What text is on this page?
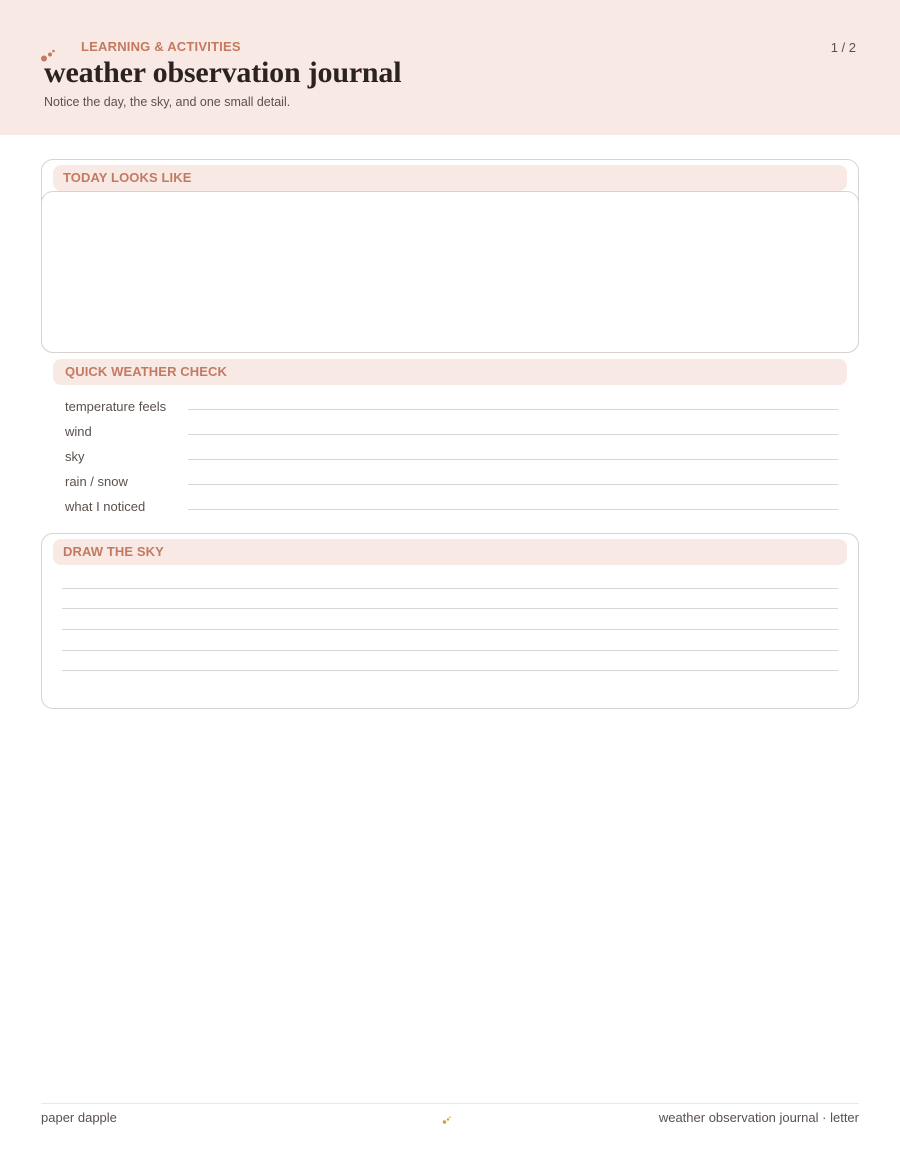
LEARNING & ACTIVITIES	1 / 2
weather observation journal
Notice the day, the sky, and one small detail.
TODAY LOOKS LIKE
QUICK WEATHER CHECK
temperature feels
wind
sky
rain / snow
what I noticed
DRAW THE SKY
paper dapple	weather observation journal · letter
